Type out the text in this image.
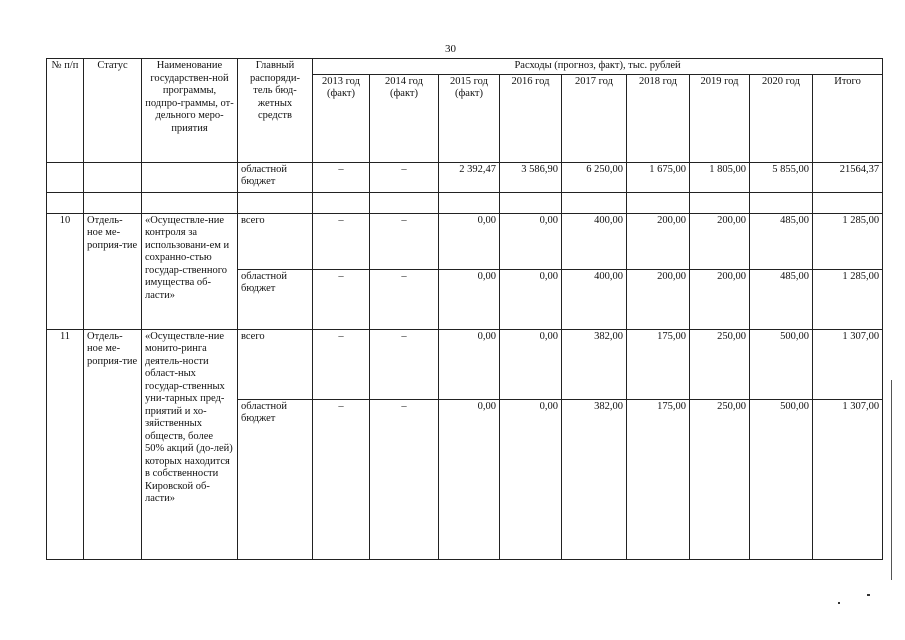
30
№ п/п	Статус	Наименование государствен-ной программы, подпро-граммы, от-дельного меро-приятия	Главный распоряди-тель бюд-жетных средств	Расходы (прогноз, факт), тыс. рублей								
				2013 год (факт)	2014 год (факт)	2015 год (факт)	2016 год	2017 год	2018 год	2019 год	2020 год	Итого
			областной бюджет	–	–	2 392,47	3 586,90	6 250,00	1 675,00	1 805,00	5 855,00	21564,37

10	Отдель-ное ме-роприя-тие	«Осуществле-ние контроля за использовани-ем и сохранно-стью государ-ственного имущества об-ласти»	всего	–	–	0,00	0,00	400,00	200,00	200,00	485,00	1 285,00
			областной бюджет	–	–	0,00	0,00	400,00	200,00	200,00	485,00	1 285,00
11	Отдель-ное ме-роприя-тие	«Осуществле-ние монито-ринга деятель-ности област-ных государ-ственных уни-тарных пред-приятий и хо-зяйственных обществ, более 50% акций (до-лей) которых находится в собственности Кировской об-ласти»	всего	–	–	0,00	0,00	382,00	175,00	250,00	500,00	1 307,00
			областной бюджет	–	–	0,00	0,00	382,00	175,00	250,00	500,00	1 307,00
